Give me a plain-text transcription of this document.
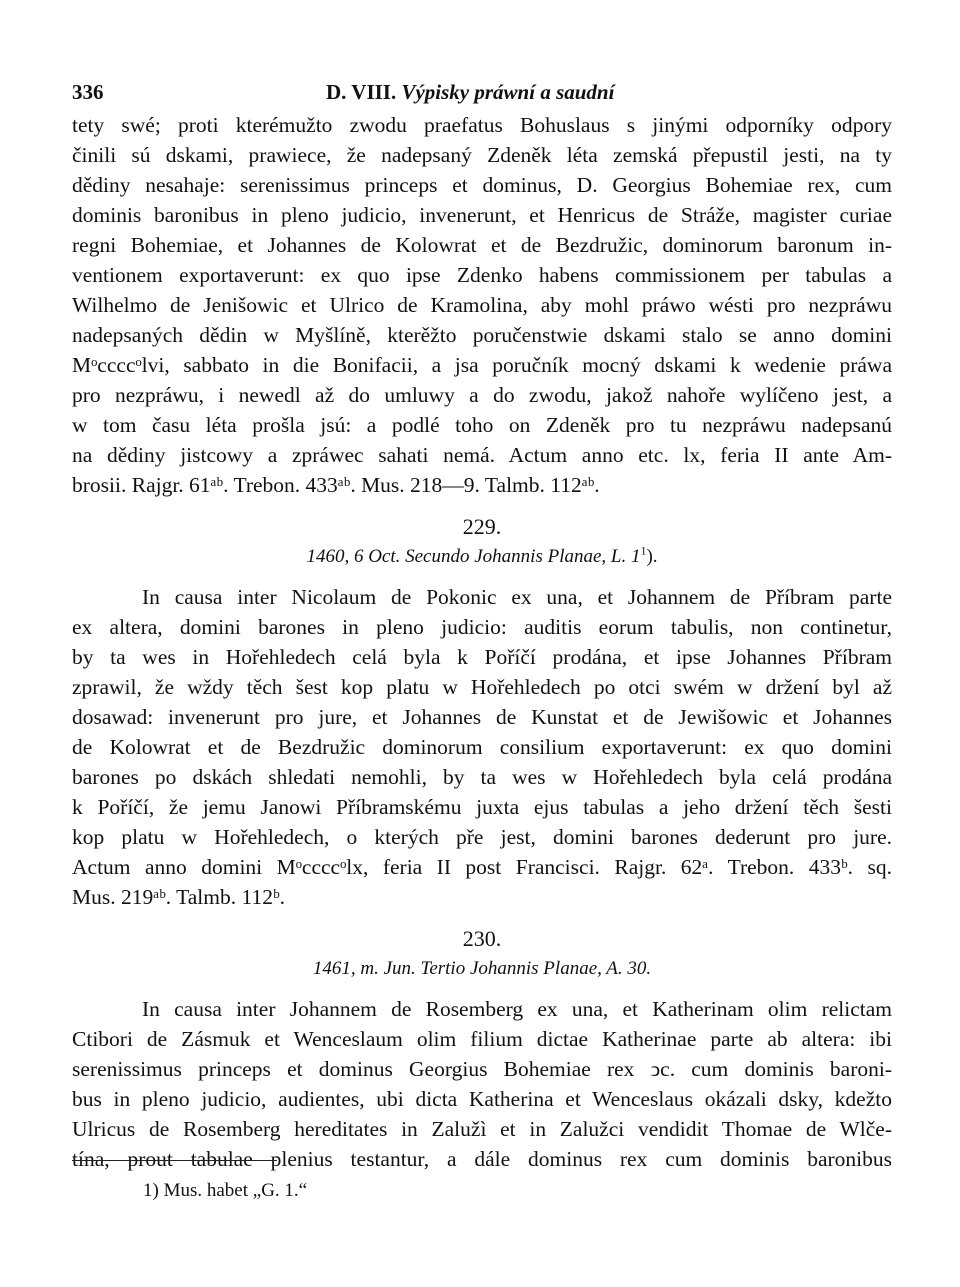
336	D. VIII. Výpisky práwní a saudní
tety swé; proti kterémužto zwodu praefatus Bohuslaus s jinými odporníky odpory
činili sú dskami, prawiece, že nadepsaný Zdeněk léta zemská přepustil jesti, na ty
dědiny nesahaje: serenissimus princeps et dominus, D. Georgius Bohemiae rex, cum
dominis baronibus in pleno judicio, invenerunt, et Henricus de Stráže, magister curiae
regni Bohemiae, et Johannes de Kolowrat et de Bezdružic, dominorum baronum in-
ventionem exportaverunt: ex quo ipse Zdenko habens commissionem per tabulas a
Wilhelmo de Jenišowic et Ulrico de Kramolina, aby mohl práwo wésti pro nezpráwu
nadepsaných dědin w Myšlíně, kterěžto poručenstwie dskami stalo se anno domini
Mᵒccccᵒlvi, sabbato in die Bonifacii, a jsa poručník mocný dskami k wedenie práwa
pro nezpráwu, i newedl až do umluwy a do zwodu, jakož nahoře wylíčeno jest, a
w tom času léta prošla jsú: a podlé toho on Zdeněk pro tu nezpráwu nadepsanú
na dědiny jistcowy a zpráwec sahati nemá. Actum anno etc. lx, feria II ante Am-
brosii. Rajgr. 61ᵃᵇ. Trebon. 433ᵃᵇ. Mus. 218—9. Talmb. 112ᵃᵇ.
229.
1460, 6 Oct. Secundo Johannis Planae, L. $1^1$).
In causa inter Nicolaum de Pokonic ex una, et Johannem de Příbram parte
ex altera, domini barones in pleno judicio: auditis eorum tabulis, non continetur,
by ta wes in Hořehledech celá byla k Poříčí prodána, et ipse Johannes Příbram
zprawil, že wždy těch šest kop platu w Hořehledech po otci swém w držení byl až
dosawad: invenerunt pro jure, et Johannes de Kunstat et de Jewišowic et Johannes
de Kolowrat et de Bezdružic dominorum consilium exportaverunt: ex quo domini
barones po dskách shledati nemohli, by ta wes w Hořehledech byla celá prodána
k Poříčí, že jemu Janowi Příbramskému juxta ejus tabulas a jeho držení těch šesti
kop platu w Hořehledech, o kterých pře jest, domini barones dederunt pro jure.
Actum anno domini Mᵒccccᵒlx, feria II post Francisci. Rajgr. 62ᵃ. Trebon. 433ᵇ. sq.
Mus. 219ᵃᵇ. Talmb. 112ᵇ.
230.
1461, m. Jun. Tertio Johannis Planae, A. 30.
In causa inter Johannem de Rosemberg ex una, et Katherinam olim relictam
Ctibori de Zásmuk et Wenceslaum olim filium dictae Katherinae parte ab altera: ibi
serenissimus princeps et dominus Georgius Bohemiae rex ↄc. cum dominis baroni-
bus in pleno judicio, audientes, ubi dicta Katherina et Wenceslaus okázali dsky, kdežto
Ulricus de Rosemberg hereditates in Zalužì et in Zalužci vendidit Thomae de Wlče-
tína, prout tabulae plenius testantur, a dále dominus rex cum dominis baronibus
1) Mus. habet „G. 1.“
